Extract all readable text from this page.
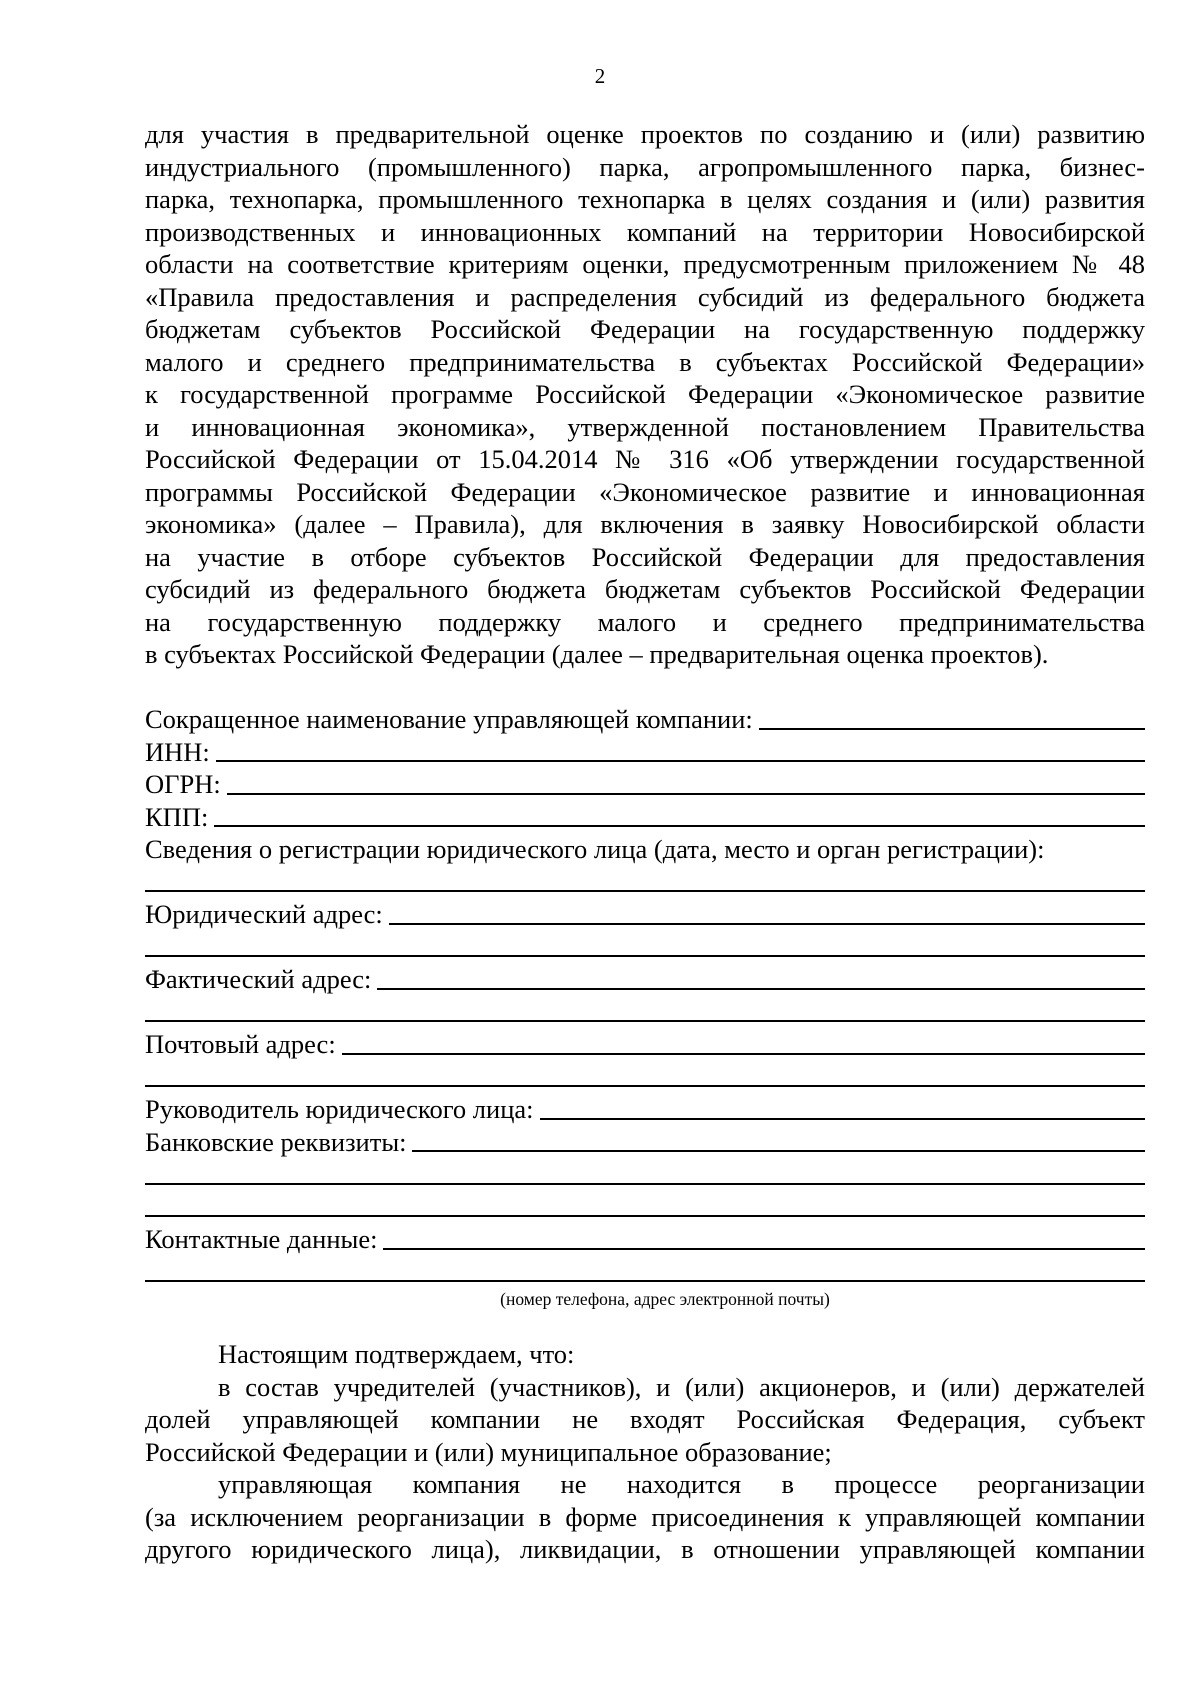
2
для участия в предварительной оценке проектов по созданию и (или) развитию
индустриального (промышленного) парка, агропромышленного парка, бизнес-
парка, технопарка, промышленного технопарка в целях создания и (или) развития
производственных и инновационных компаний на территории Новосибирской
области на соответствие критериям оценки, предусмотренным приложением № 48
«Правила предоставления и распределения субсидий из федерального бюджета
бюджетам субъектов Российской Федерации на государственную поддержку
малого и среднего предпринимательства в субъектах Российской Федерации»
к государственной программе Российской Федерации «Экономическое развитие
и инновационная экономика», утвержденной постановлением Правительства
Российской Федерации от 15.04.2014 № 316 «Об утверждении государственной
программы Российской Федерации «Экономическое развитие и инновационная
экономика» (далее – Правила), для включения в заявку Новосибирской области
на участие в отборе субъектов Российской Федерации для предоставления
субсидий из федерального бюджета бюджетам субъектов Российской Федерации
на государственную поддержку малого и среднего предпринимательства
в субъектах Российской Федерации (далее – предварительная оценка проектов).
Сокращенное наименование управляющей компании:
ИНН:
ОГРН:
КПП:
Сведения о регистрации юридического лица (дата, место и орган регистрации):
Юридический адрес:
Фактический адрес:
Почтовый адрес:
Руководитель юридического лица:
Банковские реквизиты:
Контактные данные:
(номер телефона, адрес электронной почты)
Настоящим подтверждаем, что:
в состав учредителей (участников), и (или) акционеров, и (или) держателей
долей управляющей компании не входят Российская Федерация, субъект
Российской Федерации и (или) муниципальное образование;
управляющая компания не находится в процессе реорганизации
(за исключением реорганизации в форме присоединения к управляющей компании
другого юридического лица), ликвидации, в отношении управляющей компании
